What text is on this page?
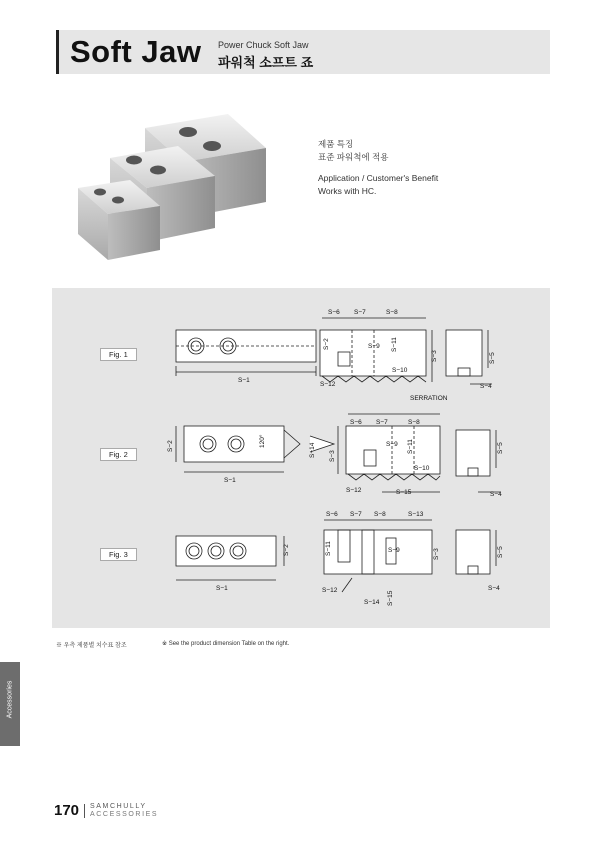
Soft Jaw Power Chuck Soft Jaw
파워척 소프트 죠
제품 특징
표준 파워척에 적용
Application / Customer's Benefit
Works with HC.
Fig. 1
Fig. 2
Fig. 3
S−1
S−2
S−6 S−7	S−8
S−9 S−11
S−10
S−3
S−12
SERRATION
S−5
S−4
S−2
S−1
120°
S−14
S−6 S−7	S−8
S−9 S−11
S−10
S−3
S−12	S−15
S−5
S−4
S−1
S−2
S−6 S−7 S−8	S−13
S−11	S−9	S−3
S−12
S−14 S−15
S−5
S−4
※ 우측 제품별 치수표 참조	※ See the product dimension Table on the right.
Accessories
170 SAMCHULLY
ACCESSORIES
